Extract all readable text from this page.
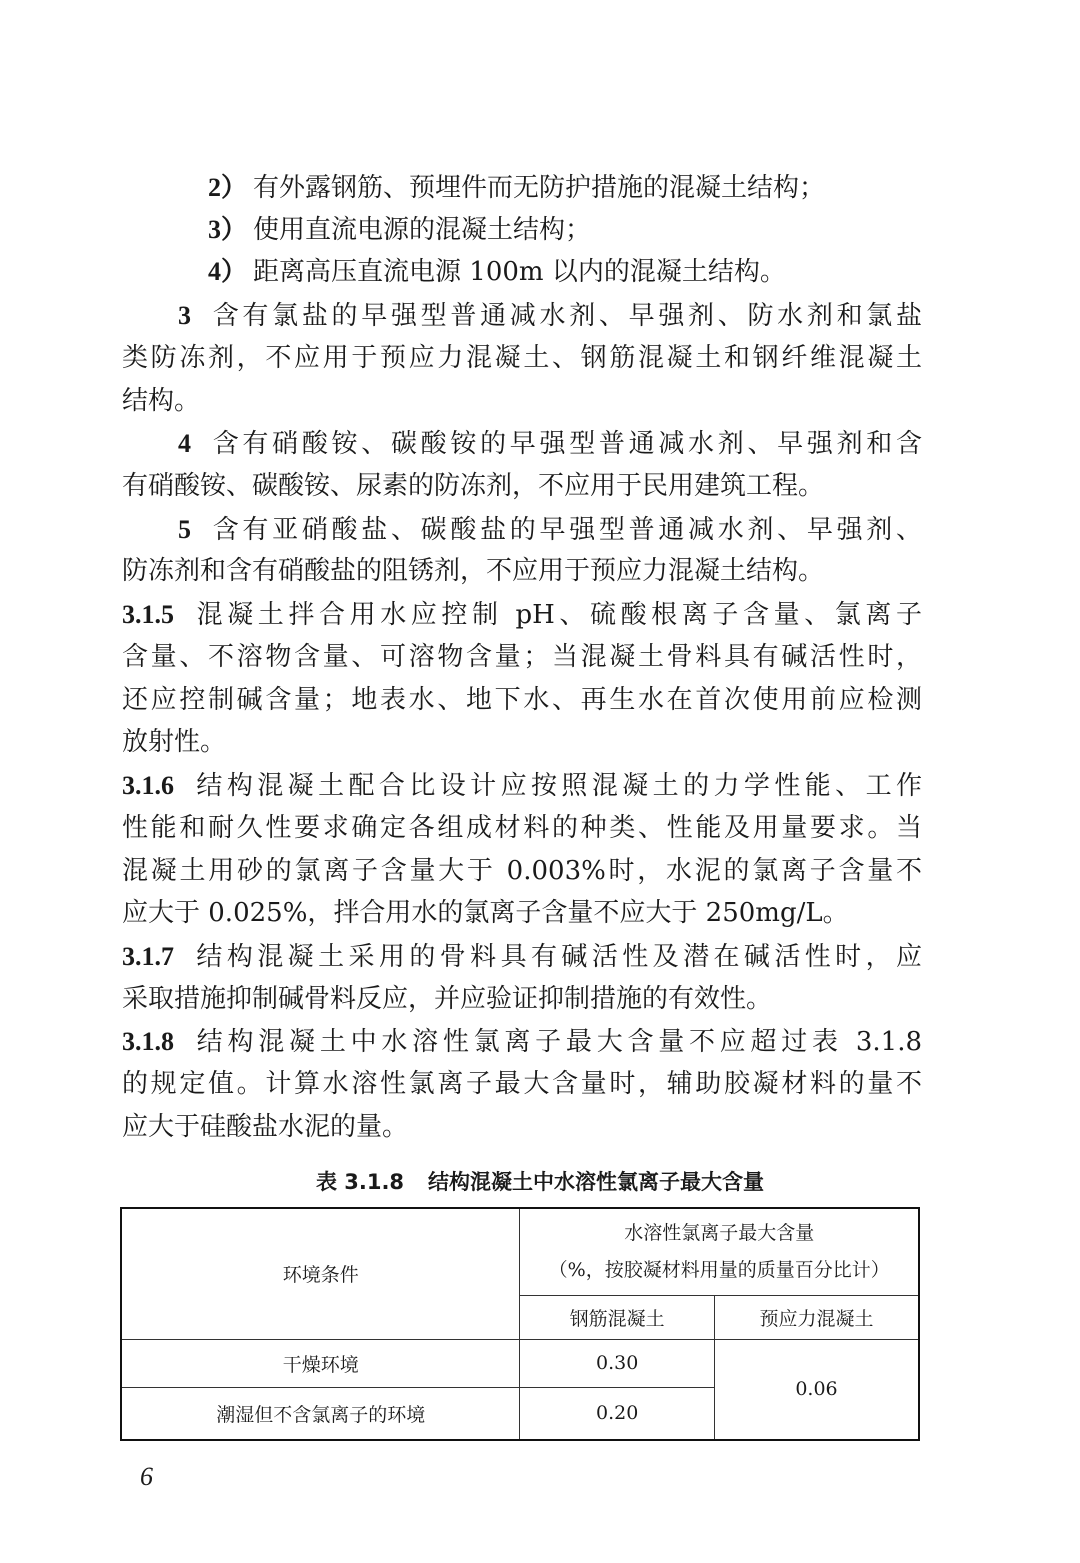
2） 有外露钢筋、预埋件而无防护措施的混凝土结构；
3） 使用直流电源的混凝土结构；
4） 距离高压直流电源 100m 以内的混凝土结构。
3 含有氯盐的早强型普通减水剂、早强剂、防水剂和氯盐
类防冻剂，不应用于预应力混凝土、钢筋混凝土和钢纤维混凝土
结构。
4 含有硝酸铵、碳酸铵的早强型普通减水剂、早强剂和含
有硝酸铵、碳酸铵、尿素的防冻剂，不应用于民用建筑工程。
5 含有亚硝酸盐、碳酸盐的早强型普通减水剂、早强剂、
防冻剂和含有硝酸盐的阻锈剂，不应用于预应力混凝土结构。
3.1.5 混凝土拌合用水应控制 pH、硫酸根离子含量、氯离子
含量、不溶物含量、可溶物含量；当混凝土骨料具有碱活性时，
还应控制碱含量；地表水、地下水、再生水在首次使用前应检测
放射性。
3.1.6 结构混凝土配合比设计应按照混凝土的力学性能、工作
性能和耐久性要求确定各组成材料的种类、性能及用量要求。当
混凝土用砂的氯离子含量大于 0.003%时，水泥的氯离子含量不
应大于 0.025%，拌合用水的氯离子含量不应大于 250mg/L。
3.1.7 结构混凝土采用的骨料具有碱活性及潜在碱活性时，应
采取措施抑制碱骨料反应，并应验证抑制措施的有效性。
3.1.8 结构混凝土中水溶性氯离子最大含量不应超过表 3.1.8
的规定值。计算水溶性氯离子最大含量时，辅助胶凝材料的量不
应大于硅酸盐水泥的量。
表 3.1.8 结构混凝土中水溶性氯离子最大含量
环境条件	水溶性氯离子最大含量
（%，按胶凝材料用量的质量百分比计）	

	钢筋混凝土	预应力混凝土
干燥环境	0.30	0.06
潮湿但不含氯离子的环境	0.20	
6
